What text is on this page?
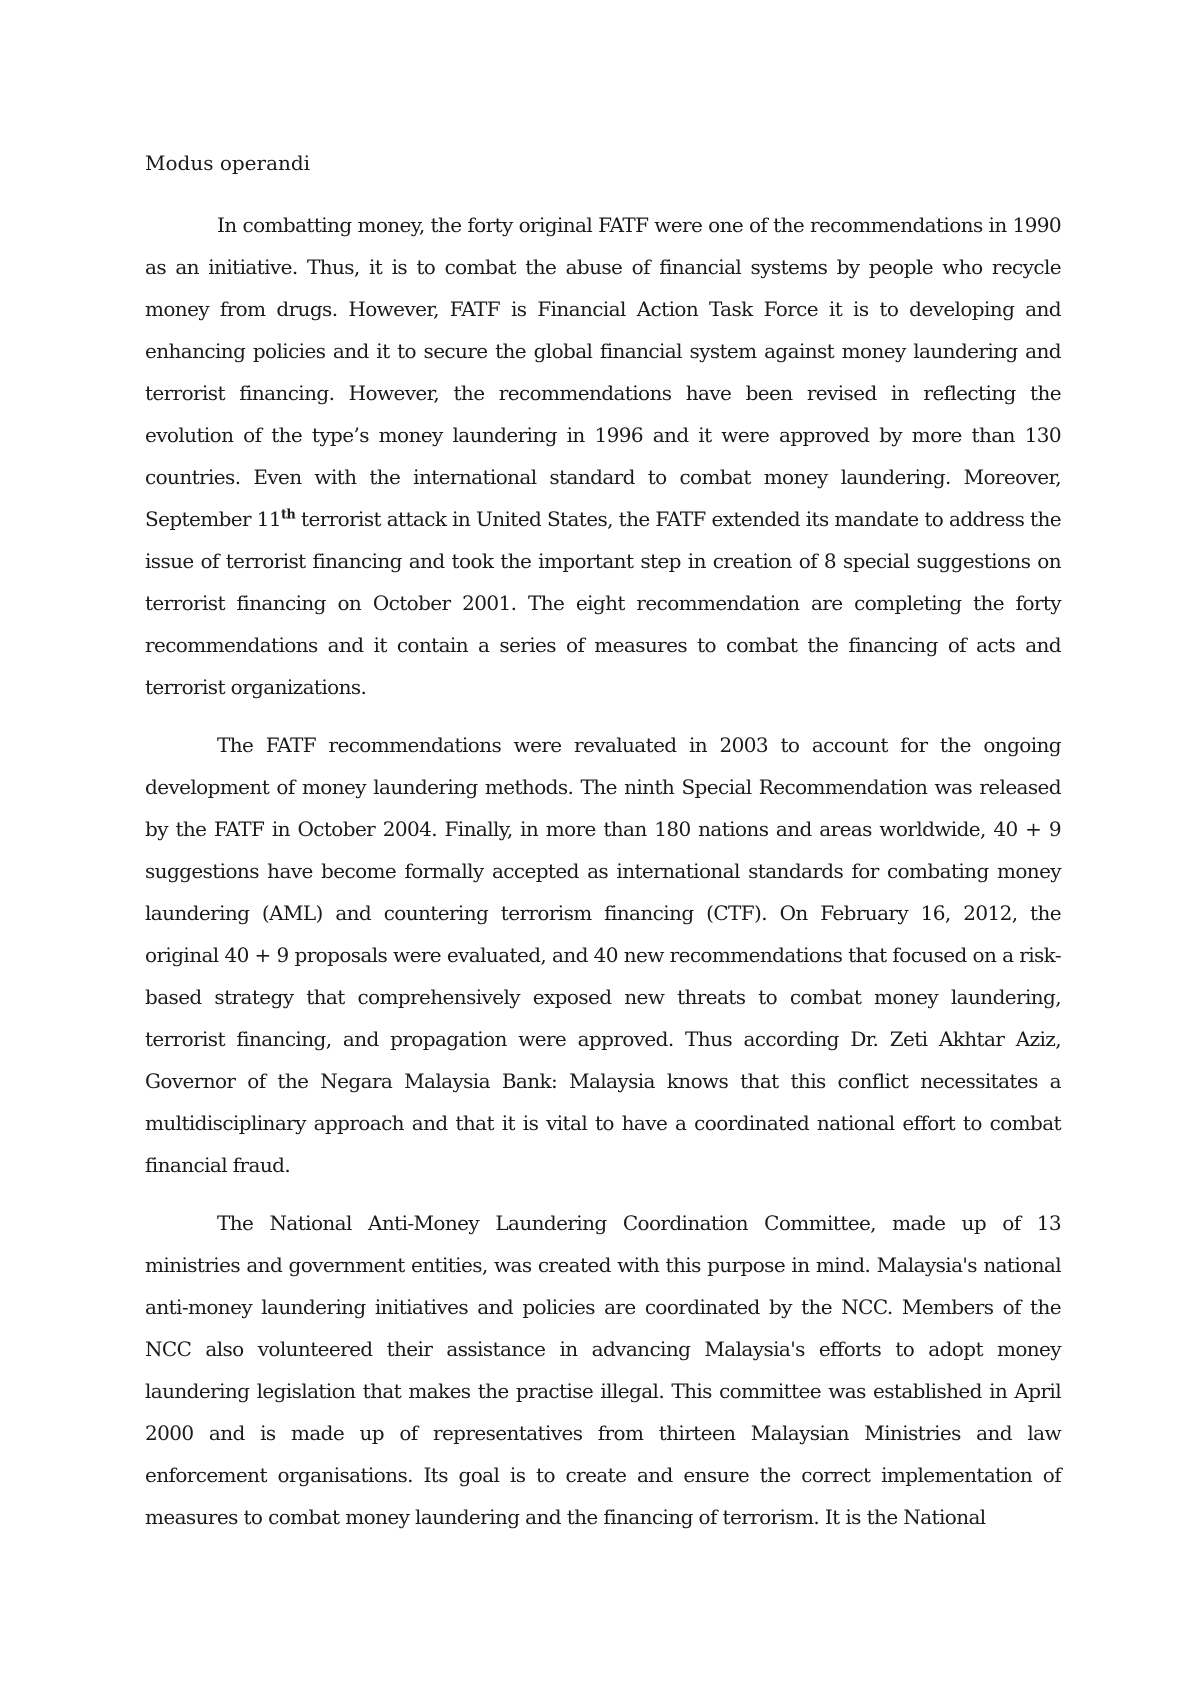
Modus operandi

In combatting money, the forty original FATF were one of the recommendations in 1990 as an initiative. Thus, it is to combat the abuse of financial systems by people who recycle money from drugs. However, FATF is Financial Action Task Force it is to developing and enhancing policies and it to secure the global financial system against money laundering and terrorist financing. However, the recommendations have been revised in reflecting the evolution of the type’s money laundering in 1996 and it were approved by more than 130 countries. Even with the international standard to combat money laundering. Moreover, September 11th terrorist attack in United States, the FATF extended its mandate to address the issue of terrorist financing and took the important step in creation of 8 special suggestions on terrorist financing on October 2001. The eight recommendation are completing the forty recommendations and it contain a series of measures to combat the financing of acts and terrorist organizations.

The FATF recommendations were revaluated in 2003 to account for the ongoing development of money laundering methods. The ninth Special Recommendation was released by the FATF in October 2004. Finally, in more than 180 nations and areas worldwide, 40 + 9 suggestions have become formally accepted as international standards for combating money laundering (AML) and countering terrorism financing (CTF). On February 16, 2012, the original 40 + 9 proposals were evaluated, and 40 new recommendations that focused on a risk-based strategy that comprehensively exposed new threats to combat money laundering, terrorist financing, and propagation were approved. Thus according Dr. Zeti Akhtar Aziz, Governor of the Negara Malaysia Bank: Malaysia knows that this conflict necessitates a multidisciplinary approach and that it is vital to have a coordinated national effort to combat financial fraud.

The National Anti-Money Laundering Coordination Committee, made up of 13 ministries and government entities, was created with this purpose in mind. Malaysia's national anti-money laundering initiatives and policies are coordinated by the NCC. Members of the NCC also volunteered their assistance in advancing Malaysia's efforts to adopt money laundering legislation that makes the practise illegal. This committee was established in April 2000 and is made up of representatives from thirteen Malaysian Ministries and law enforcement organisations. Its goal is to create and ensure the correct implementation of measures to combat money laundering and the financing of terrorism. It is the National
